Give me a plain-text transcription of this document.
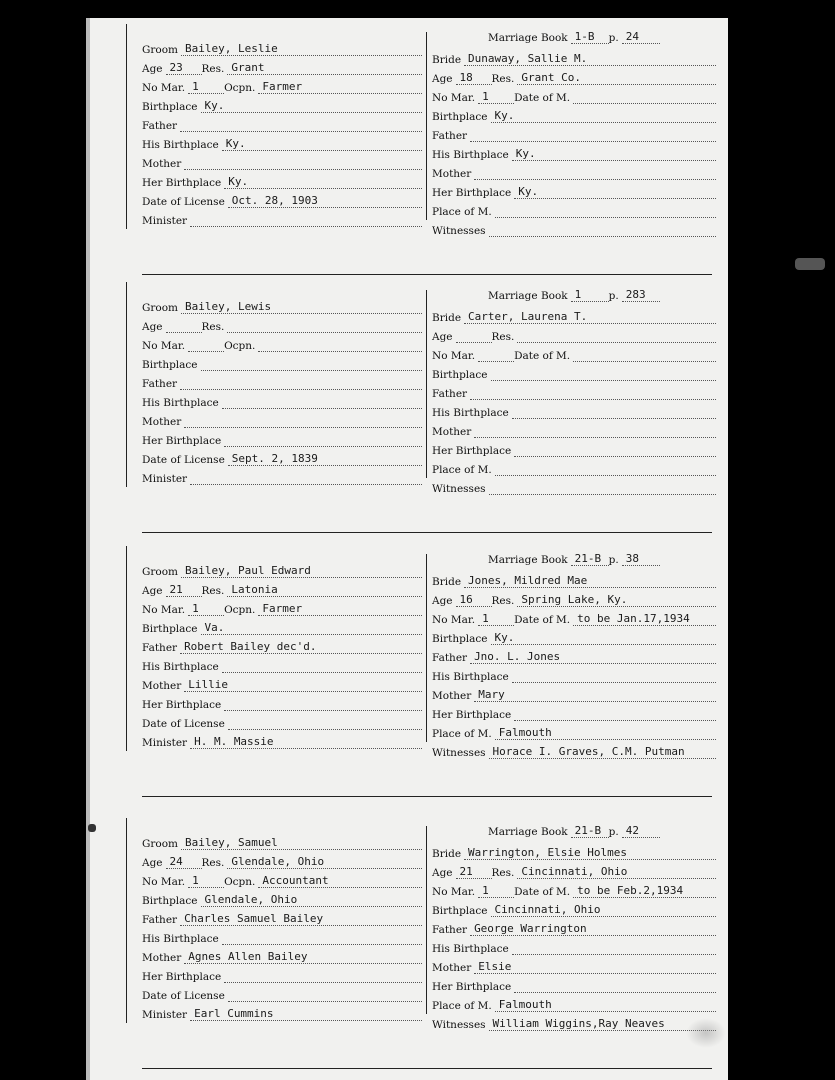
Groom Bailey, Leslie
Age 23	Res. Grant
No Mar. 1	Ocpn. Farmer
Birthplace Ky.
Father
His Birthplace Ky.
Mother
Her Birthplace Ky.
Date of License Oct. 28, 1903
Minister
Marriage Book 1-B	p. 24
Bride Dunaway, Sallie M.
Age 18	Res. Grant Co.
No Mar. 1	Date of M.
Birthplace Ky.
Father
His Birthplace Ky.
Mother
Her Birthplace Ky.
Place of M.
Witnesses
Groom Bailey, Lewis
Age	Res.
No Mar.	Ocpn.
Birthplace
Father
His Birthplace
Mother
Her Birthplace
Date of License Sept. 2, 1839
Minister
Marriage Book 1	p. 283
Bride Carter, Laurena T.
Age	Res.
No Mar.	Date of M.
Birthplace
Father
His Birthplace
Mother
Her Birthplace
Place of M.
Witnesses
Groom Bailey, Paul Edward
Age 21	Res. Latonia
No Mar. 1	Ocpn. Farmer
Birthplace Va.
Father Robert Bailey dec'd.
His Birthplace
Mother Lillie
Her Birthplace
Date of License
Minister H. M. Massie
Marriage Book 21-B p. 38
Bride Jones, Mildred Mae
Age 16	Res. Spring Lake, Ky.
No Mar. 1	Date of M. to be Jan.17,1934
Birthplace Ky.
Father Jno. L. Jones
His Birthplace
Mother Mary
Her Birthplace
Place of M. Falmouth
Witnesses Horace I. Graves, C.M. Putman
Groom Bailey, Samuel
Age 24	Res. Glendale, Ohio
No Mar. 1	Ocpn. Accountant
Birthplace Glendale, Ohio
Father Charles Samuel Bailey
His Birthplace
Mother Agnes Allen Bailey
Her Birthplace
Date of License
Minister Earl Cummins
Marriage Book 21-B p. 42
Bride Warrington, Elsie Holmes
Age 21	Res. Cincinnati, Ohio
No Mar. 1	Date of M. to be Feb.2,1934
Birthplace Cincinnati, Ohio
Father George Warrington
His Birthplace
Mother Elsie
Her Birthplace
Place of M. Falmouth
Witnesses William Wiggins,Ray Neaves
